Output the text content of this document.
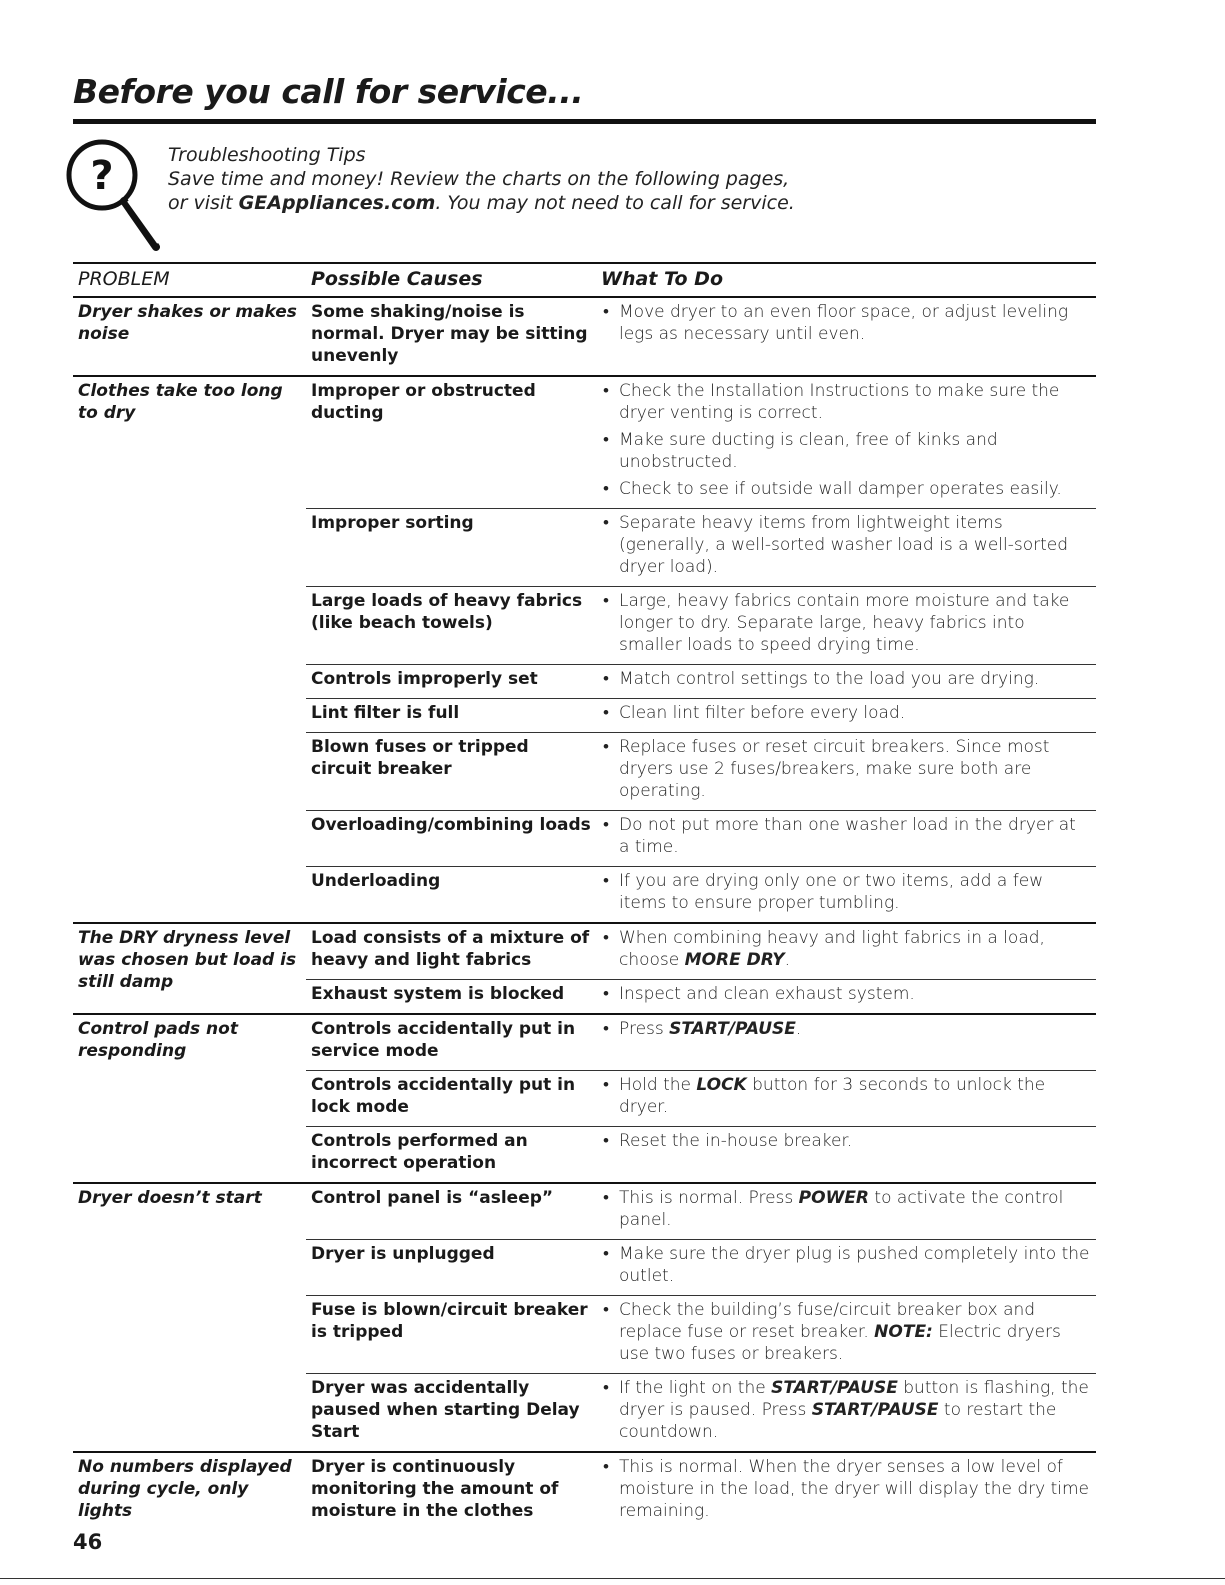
Before you call for service...
?	Troubleshooting Tips
Save time and money! Review the charts on the following pages,
or visit GEAppliances.com. You may not need to call for service.
PROBLEM	Possible Causes	What To Do
Dryer shakes or makes noise	Some shaking/noise is normal. Dryer may be sitting unevenly	• Move dryer to an even floor space, or adjust leveling legs as necessary until even.

Clothes take too long to dry	Improper or obstructed ducting	• Check the Installation Instructions to make sure the dryer venting is correct.
• Make sure ducting is clean, free of kinks and unobstructed.
• Check to see if outside wall damper operates easily.

	Improper sorting	• Separate heavy items from lightweight items (generally, a well-sorted washer load is a well-sorted dryer load).

	Large loads of heavy fabrics (like beach towels)	• Large, heavy fabrics contain more moisture and take longer to dry. Separate large, heavy fabrics into smaller loads to speed drying time.

	Controls improperly set	• Match control settings to the load you are drying.

	Lint filter is full	• Clean lint filter before every load.

	Blown fuses or tripped circuit breaker	• Replace fuses or reset circuit breakers. Since most dryers use 2 fuses/breakers, make sure both are operating.

	Overloading/combining loads	• Do not put more than one washer load in the dryer at a time.

	Underloading	• If you are drying only one or two items, add a few items to ensure proper tumbling.

The DRY dryness level was chosen but load is still damp	Load consists of a mixture of heavy and light fabrics	• When combining heavy and light fabrics in a load, choose MORE DRY.

	Exhaust system is blocked	• Inspect and clean exhaust system.

Control pads not responding	Controls accidentally put in service mode	• Press START/PAUSE.

	Controls accidentally put in lock mode	• Hold the LOCK button for 3 seconds to unlock the dryer.

	Controls performed an incorrect operation	• Reset the in-house breaker.

Dryer doesn’t start	Control panel is “asleep”	• This is normal. Press POWER to activate the control panel.

	Dryer is unplugged	• Make sure the dryer plug is pushed completely into the outlet.

	Fuse is blown/circuit breaker is tripped	• Check the building’s fuse/circuit breaker box and replace fuse or reset breaker. NOTE: Electric dryers use two fuses or breakers.

	Dryer was accidentally paused when starting Delay Start	• If the light on the START/PAUSE button is flashing, the dryer is paused. Press START/PAUSE to restart the countdown.

No numbers displayed during cycle, only lights	Dryer is continuously monitoring the amount of moisture in the clothes	• This is normal. When the dryer senses a low level of moisture in the load, the dryer will display the dry time remaining.
46
